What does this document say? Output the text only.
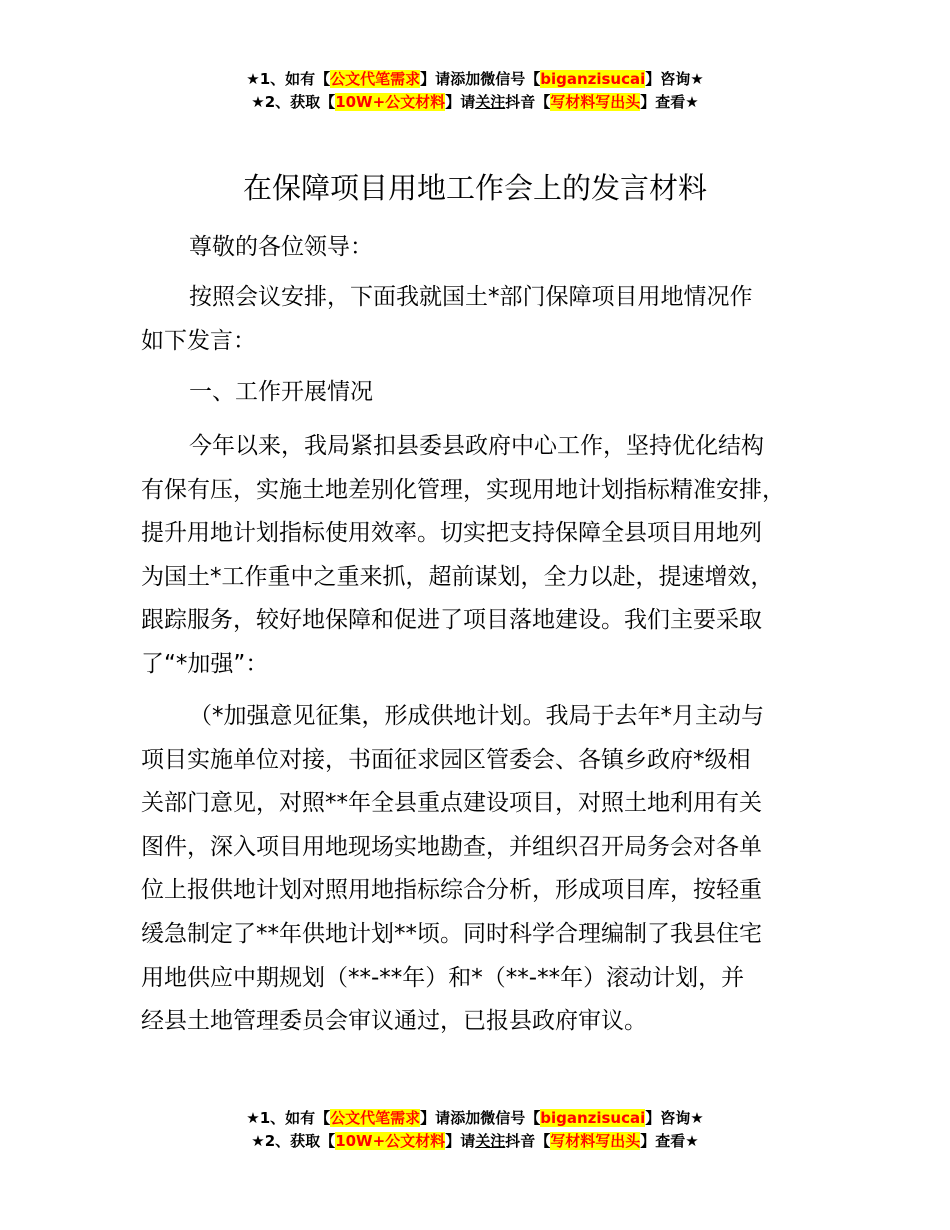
★1、如有【公文代笔需求】请添加微信号【biganzisucai】咨询★
★2、获取【10W+公文材料】请关注抖音【写材料写出头】查看★
在保障项目用地工作会上的发言材料
尊敬的各位领导：
按照会议安排，下面我就国土*部门保障项目用地情况作
如下发言：
一、工作开展情况
今年以来，我局紧扣县委县政府中心工作，坚持优化结构
有保有压，实施土地差别化管理，实现用地计划指标精准安排，
提升用地计划指标使用效率。切实把支持保障全县项目用地列
为国土*工作重中之重来抓，超前谋划，全力以赴，提速增效，
跟踪服务，较好地保障和促进了项目落地建设。我们主要采取
了“*加强”：
（*加强意见征集，形成供地计划。我局于去年*月主动与
项目实施单位对接，书面征求园区管委会、各镇乡政府*级相
关部门意见，对照**年全县重点建设项目，对照土地利用有关
图件，深入项目用地现场实地勘查，并组织召开局务会对各单
位上报供地计划对照用地指标综合分析，形成项目库，按轻重
缓急制定了**年供地计划**顷。同时科学合理编制了我县住宅
用地供应中期规划（**-**年）和*（**-**年）滚动计划，并
经县土地管理委员会审议通过，已报县政府审议。
★1、如有【公文代笔需求】请添加微信号【biganzisucai】咨询★
★2、获取【10W+公文材料】请关注抖音【写材料写出头】查看★
